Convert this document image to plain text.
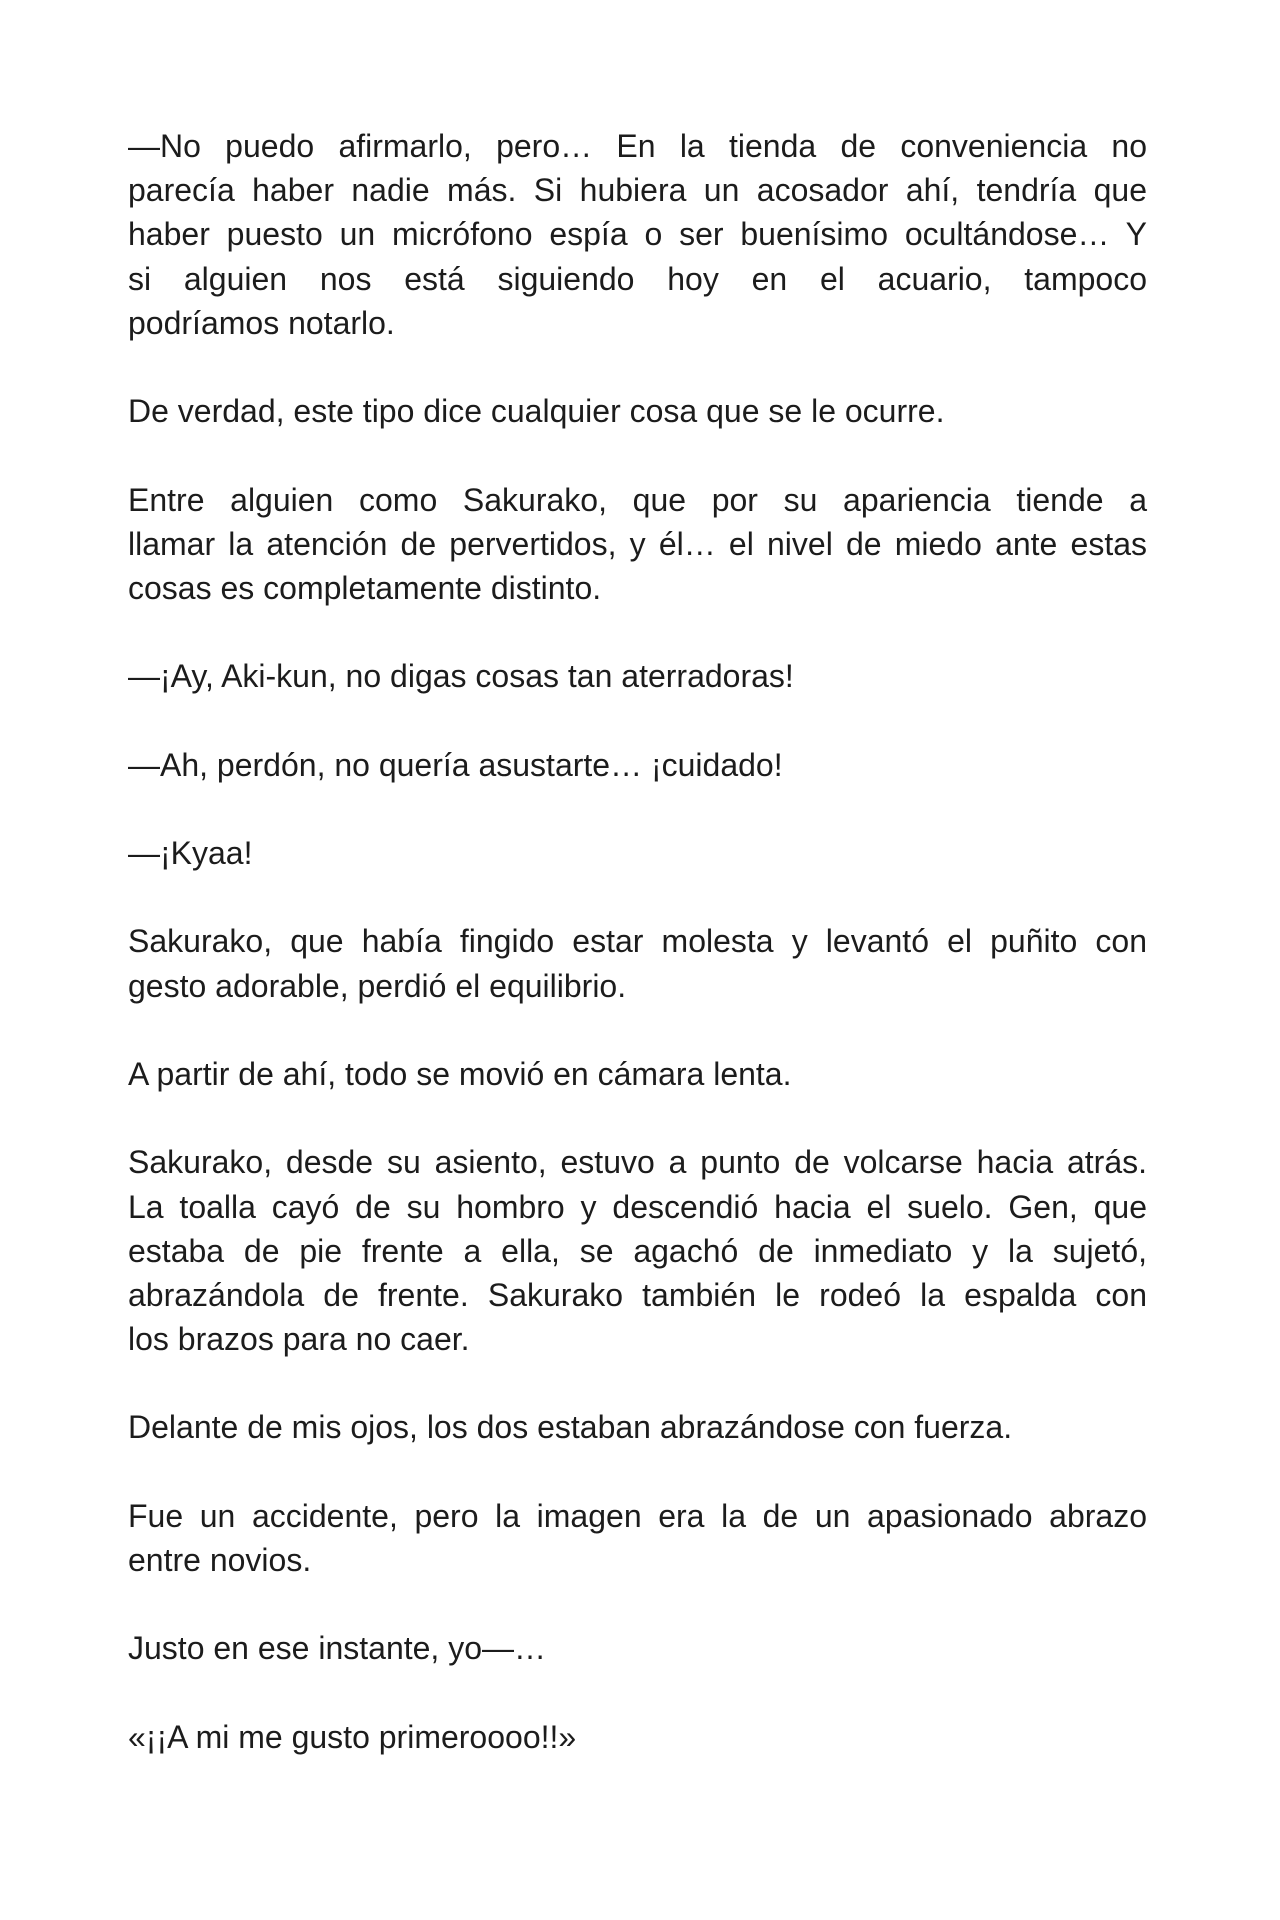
—No puedo afirmarlo, pero… En la tienda de conveniencia no
parecía haber nadie más. Si hubiera un acosador ahí, tendría que
haber puesto un micrófono espía o ser buenísimo ocultándose… Y
si alguien nos está siguiendo hoy en el acuario, tampoco
podríamos notarlo.
De verdad, este tipo dice cualquier cosa que se le ocurre.
Entre alguien como Sakurako, que por su apariencia tiende a
llamar la atención de pervertidos, y él… el nivel de miedo ante estas
cosas es completamente distinto.
—¡Ay, Aki-kun, no digas cosas tan aterradoras!
—Ah, perdón, no quería asustarte… ¡cuidado!
—¡Kyaa!
Sakurako, que había fingido estar molesta y levantó el puñito con
gesto adorable, perdió el equilibrio.
A partir de ahí, todo se movió en cámara lenta.
Sakurako, desde su asiento, estuvo a punto de volcarse hacia atrás.
La toalla cayó de su hombro y descendió hacia el suelo. Gen, que
estaba de pie frente a ella, se agachó de inmediato y la sujetó,
abrazándola de frente. Sakurako también le rodeó la espalda con
los brazos para no caer.
Delante de mis ojos, los dos estaban abrazándose con fuerza.
Fue un accidente, pero la imagen era la de un apasionado abrazo
entre novios.
Justo en ese instante, yo—…
«¡¡A mi me gusto primeroooo!!»
